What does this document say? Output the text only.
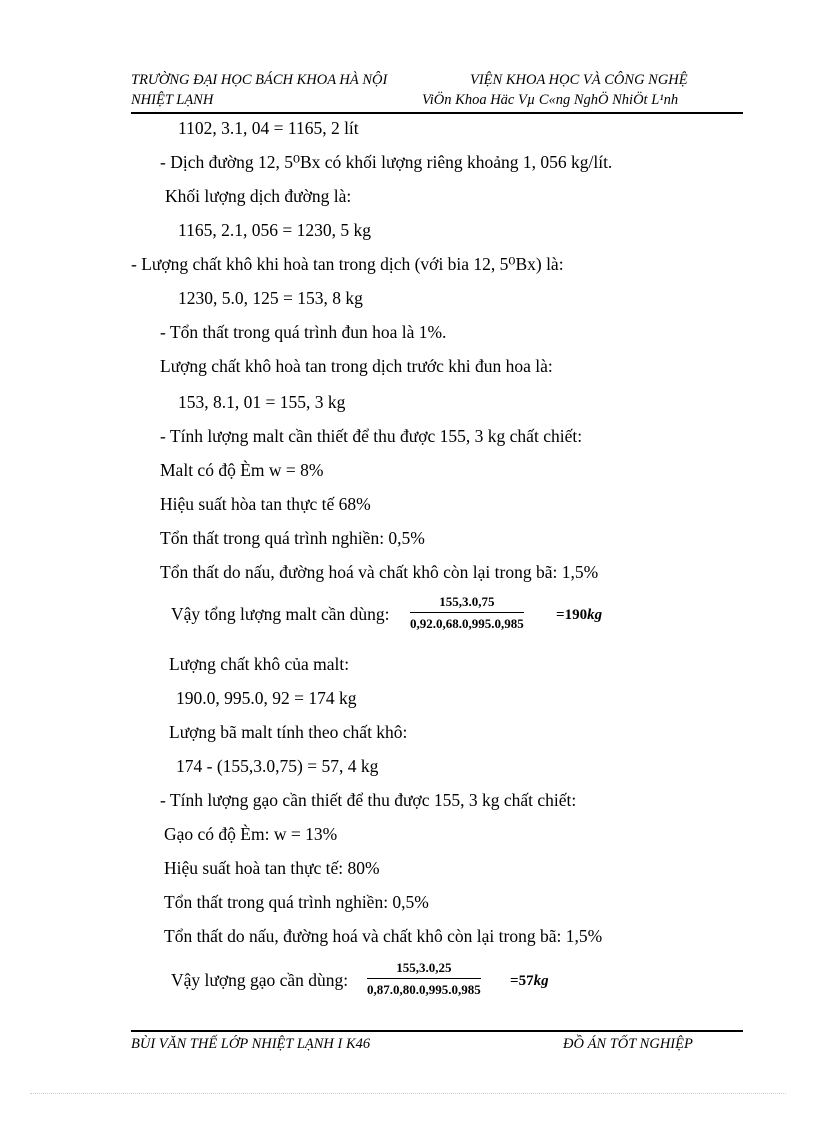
TRƯỜNG ĐẠI HỌC BÁCH KHOA HÀ NỘI	VIỆN KHOA HỌC VÀ CÔNG NGHỆ
NHIỆT LẠNH	ViÖn Khoa Häc Vµ C«ng NghÖ NhiÖt L¹nh
1102, 3.1, 04 = 1165, 2 lít
- Dịch đường 12, 5⁰Bx có khối lượng riêng khoảng 1, 056 kg/lít.
Khối lượng dịch đường là:
1165, 2.1, 056 = 1230, 5 kg
- Lượng chất khô khi hoà tan trong dịch (với bia 12, 5⁰Bx) là:
1230, 5.0, 125 = 153, 8 kg
- Tổn thất trong quá trình đun hoa là 1%.
Lượng chất khô hoà tan trong dịch trước khi đun hoa là:
153, 8.1, 01 = 155, 3 kg
- Tính lượng malt cần thiết để thu được 155, 3 kg chất chiết:
Malt có độ Èm w = 8%
Hiệu suất hòa tan thực tế 68%
Tổn thất trong quá trình nghiền: 0,5%
Tổn thất do nấu, đường hoá và chất khô còn lại trong bã: 1,5%
Vậy tổng lượng malt cần dùng: $\frac{155,3.0,75}{0,92.0,68.0,995.0,985} =190kg$
Lượng chất khô của malt:
190.0, 995.0, 92 = 174 kg
Lượng bã malt tính theo chất khô:
174 - (155,3.0,75) = 57, 4 kg
- Tính lượng gạo cần thiết để thu được 155, 3 kg chất chiết:
Gạo có độ Èm: w = 13%
Hiệu suất hoà tan thực tế: 80%
Tổn thất trong quá trình nghiền: 0,5%
Tổn thất do nấu, đường hoá và chất khô còn lại trong bã: 1,5%
Vậy lượng gạo cần dùng: $\frac{155,3.0,25}{0,87.0,80.0,995.0,985} =57kg$
BÙI VĂN THẾ LỚP NHIỆT LẠNH I K46	ĐỒ ÁN TỐT NGHIỆP
